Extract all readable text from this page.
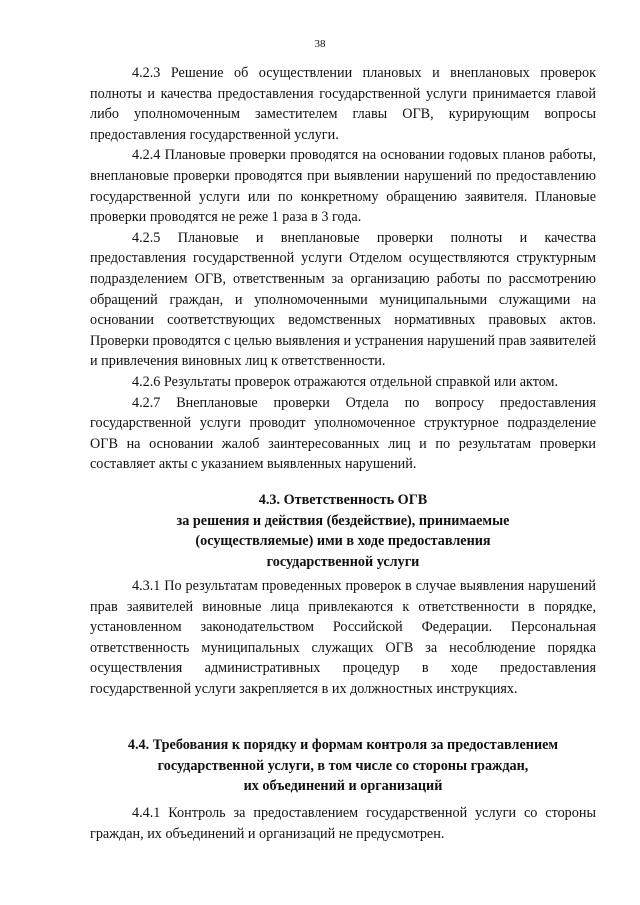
38

4.2.3 Решение об осуществлении плановых и внеплановых проверок полноты и качества предоставления государственной услуги принимается главой либо уполномоченным заместителем главы ОГВ, курирующим вопросы предоставления государственной услуги.

4.2.4 Плановые проверки проводятся на основании годовых планов работы, внеплановые проверки проводятся при выявлении нарушений по предоставлению государственной услуги или по конкретному обращению заявителя. Плановые проверки проводятся не реже 1 раза в 3 года.

4.2.5 Плановые и внеплановые проверки полноты и качества предоставления государственной услуги Отделом осуществляются структурным подразделением ОГВ, ответственным за организацию работы по рассмотрению обращений граждан, и уполномоченными муниципальными служащими на основании соответствующих ведомственных нормативных правовых актов. Проверки проводятся с целью выявления и устранения нарушений прав заявителей и привлечения виновных лиц к ответственности.

4.2.6 Результаты проверок отражаются отдельной справкой или актом.

4.2.7 Внеплановые проверки Отдела по вопросу предоставления государственной услуги проводит уполномоченное структурное подразделение ОГВ на основании жалоб заинтересованных лиц и по результатам проверки составляет акты с указанием выявленных нарушений.

4.3. Ответственность ОГВ
за решения и действия (бездействие), принимаемые
(осуществляемые) ими в ходе предоставления
государственной услуги

4.3.1 По результатам проведенных проверок в случае выявления нарушений прав заявителей виновные лица привлекаются к ответственности в порядке, установленном законодательством Российской Федерации. Персональная ответственность муниципальных служащих ОГВ за несоблюдение порядка осуществления административных процедур в ходе предоставления государственной услуги закрепляется в их должностных инструкциях.

4.4. Требования к порядку и формам контроля за предоставлением
государственной услуги, в том числе со стороны граждан,
их объединений и организаций

4.4.1 Контроль за предоставлением государственной услуги со стороны граждан, их объединений и организаций не предусмотрен.
